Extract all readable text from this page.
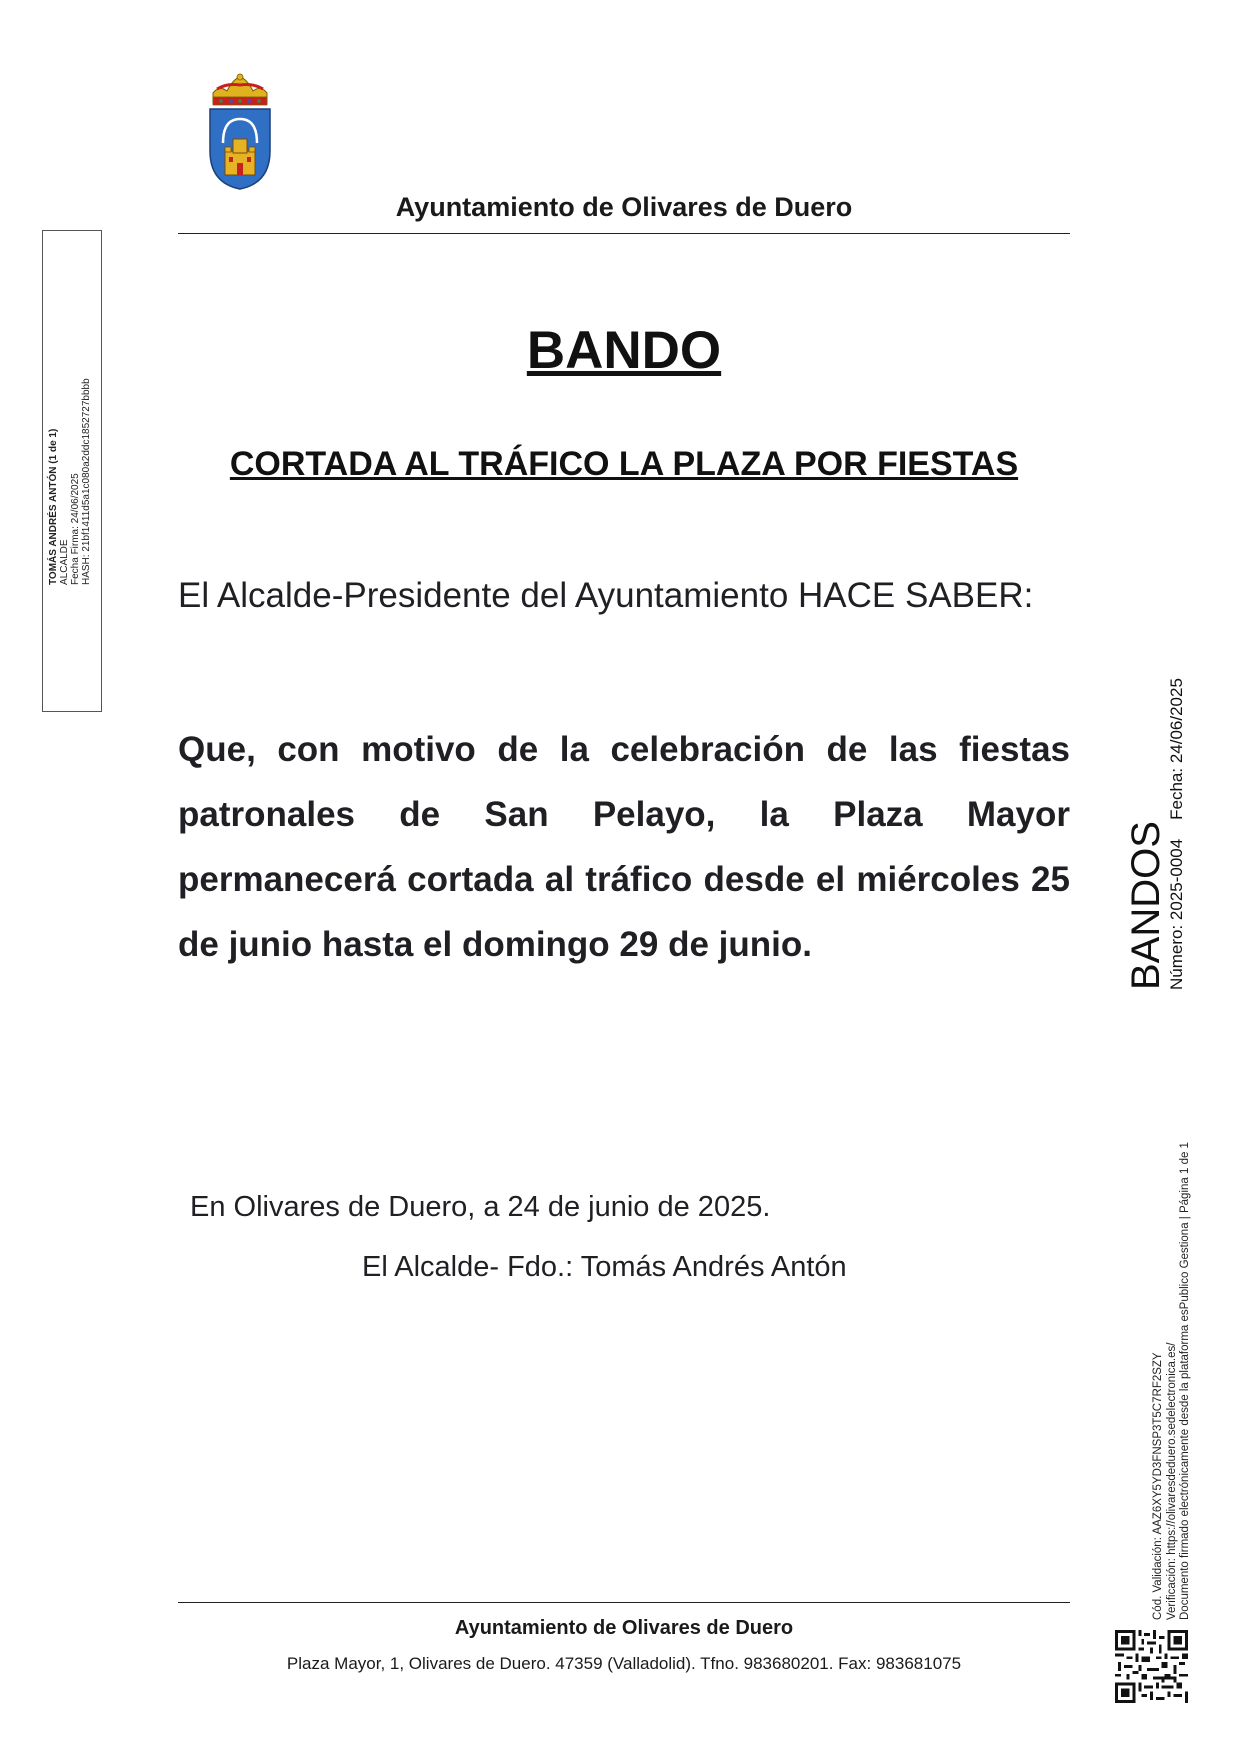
Ayuntamiento de Olivares de Duero
BANDO
CORTADA AL TRÁFICO LA PLAZA POR FIESTAS
El Alcalde-Presidente del Ayuntamiento HACE SABER:
Que, con motivo de la celebración de las fiestas patronales de San Pelayo, la Plaza Mayor permanecerá cortada al tráfico desde el miércoles 25 de junio hasta el domingo 29 de junio.
En Olivares de Duero, a 24 de junio de 2025.
El Alcalde- Fdo.: Tomás Andrés Antón
Ayuntamiento de Olivares de Duero
Plaza Mayor, 1, Olivares de Duero. 47359 (Valladolid). Tfno. 983680201. Fax: 983681075
TOMÁS ANDRÉS ANTÓN (1 de 1) ALCALDE Fecha Firma: 24/06/2025 HASH: 21bf1411d5a1c080a2ddc1852727bbbb
BANDOS Número: 2025-0004    Fecha: 24/06/2025
Cód. Validación: AAZ6XY5YD3FNSP3T5C7RF2SZY Verificación: https://olivaresdeduero.sedelectronica.es/ Documento firmado electrónicamente desde la plataforma esPublico Gestiona | Página 1 de 1
